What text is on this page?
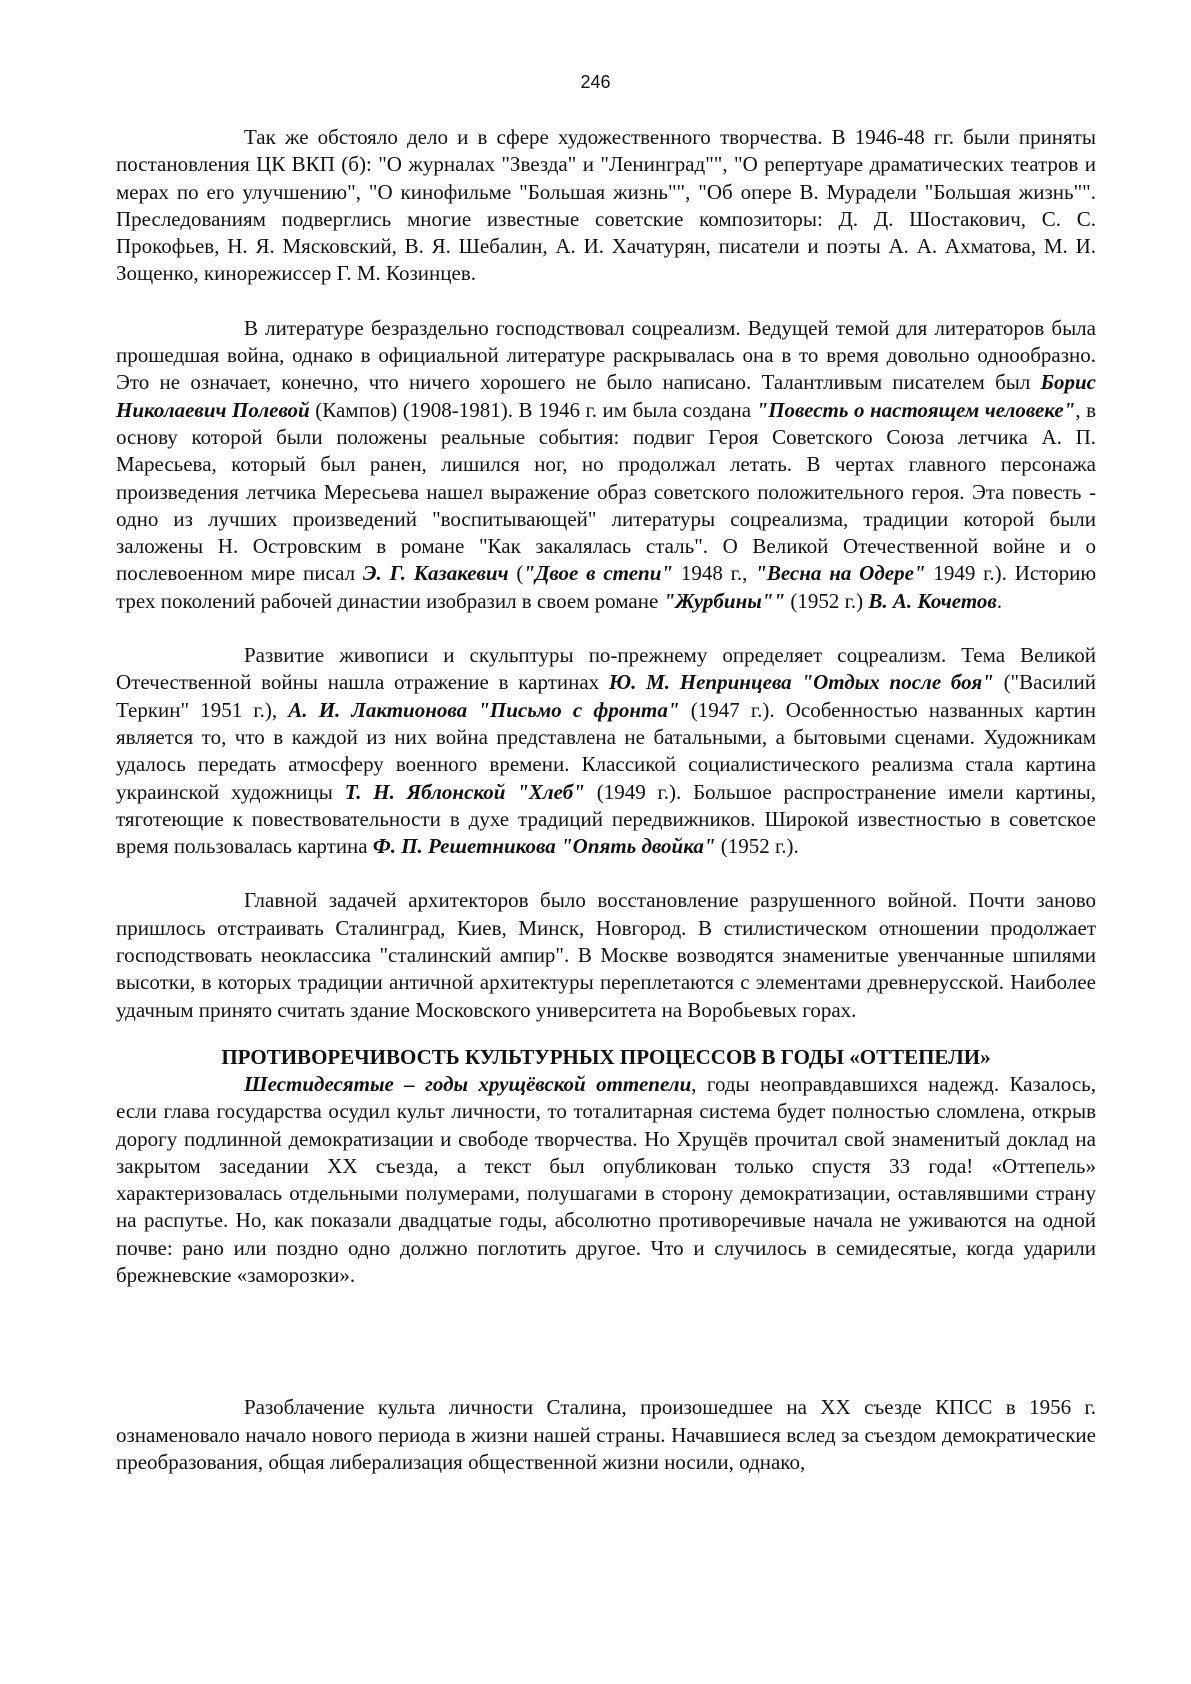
246

Так же обстояло дело и в сфере художественного творчества. В 1946-48 гг. были приняты постановления ЦК ВКП (б): "О журналах "Звезда" и "Ленинград"", "О репертуаре драматических театров и мерах по его улучшению", "О кинофильме "Большая жизнь"", "Об опере В. Мурадели "Большая жизнь"". Преследованиям подверглись многие известные советские композиторы: Д. Д. Шостакович, С. С. Прокофьев, Н. Я. Мясковский, В. Я. Шебалин, А. И. Хачатурян, писатели и поэты А. А. Ахматова, М. И. Зощенко, кинорежиссер Г. М. Козинцев.

В литературе безраздельно господствовал соцреализм. Ведущей темой для литераторов была прошедшая война, однако в официальной литературе раскрывалась она в то время довольно однообразно. Это не означает, конечно, что ничего хорошего не было написано. Талантливым писателем был Борис Николаевич Полевой (Кампов) (1908-1981). В 1946 г. им была создана "Повесть о настоящем человеке", в основу которой были положены реальные события: подвиг Героя Советского Союза летчика А. П. Маресьева, который был ранен, лишился ног, но продолжал летать. В чертах главного персонажа произведения летчика Мересьева нашел выражение образ советского положительного героя. Эта повесть - одно из лучших произведений "воспитывающей" литературы соцреализма, традиции которой были заложены Н. Островским в романе "Как закалялась сталь". О Великой Отечественной войне и о послевоенном мире писал Э. Г. Казакевич ("Двое в степи" 1948 г., "Весна на Одере" 1949 г.). Историю трех поколений рабочей династии изобразил в своем романе "Журбины"" (1952 г.) В. А. Кочетов.

Развитие живописи и скульптуры по-прежнему определяет соцреализм. Тема Великой Отечественной войны нашла отражение в картинах Ю. М. Непринцева "Отдых после боя" ("Василий Теркин" 1951 г.), А. И. Лактионова "Письмо с фронта" (1947 г.). Особенностью названных картин является то, что в каждой из них война представлена не батальными, а бытовыми сценами. Художникам удалось передать атмосферу военного времени. Классикой социалистического реализма стала картина украинской художницы Т. Н. Яблонской "Хлеб" (1949 г.). Большое распространение имели картины, тяготеющие к повествовательности в духе традиций передвижников. Широкой известностью в советское время пользовалась картина Ф. П. Решетникова "Опять двойка" (1952 г.).

Главной задачей архитекторов было восстановление разрушенного войной. Почти заново пришлось отстраивать Сталинград, Киев, Минск, Новгород. В стилистическом отношении продолжает господствовать неоклассика "сталинский ампир". В Москве возводятся знаменитые увенчанные шпилями высотки, в которых традиции античной архитектуры переплетаются с элементами древнерусской. Наиболее удачным принято считать здание Московского университета на Воробьевых горах.

ПРОТИВОРЕЧИВОСТЬ КУЛЬТУРНЫХ ПРОЦЕССОВ В ГОДЫ «ОТТЕПЕЛИ»

Шестидесятые – годы хрущёвской оттепели, годы неоправдавшихся надежд. Казалось, если глава государства осудил культ личности, то тоталитарная система будет полностью сломлена, открыв дорогу подлинной демократизации и свободе творчества. Но Хрущёв прочитал свой знаменитый доклад на закрытом заседании XX съезда, а текст был опубликован только спустя 33 года! «Оттепель» характеризовалась отдельными полумерами, полушагами в сторону демократизации, оставлявшими страну на распутье. Но, как показали двадцатые годы, абсолютно противоречивые начала не уживаются на одной почве: рано или поздно одно должно поглотить другое. Что и случилось в семидесятые, когда ударили брежневские «заморозки».

Разоблачение культа личности Сталина, произошедшее на XX съезде КПСС в 1956 г. ознаменовало начало нового периода в жизни нашей страны. Начавшиеся вслед за съездом демократические преобразования, общая либерализация общественной жизни носили, однако,
